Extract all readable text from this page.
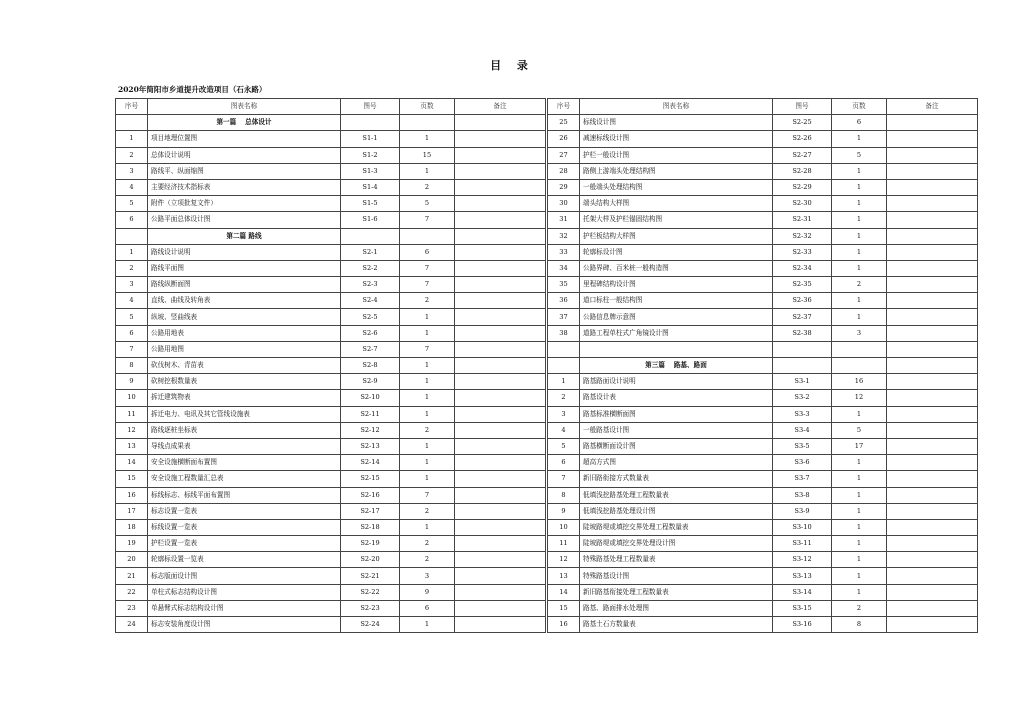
目 录
2020年简阳市乡道提升改造项目（石永路）
序号	图表名称	图号	页数	备注
	第一篇　 总体设计			
1	项目地理位置图	S1-1	1	
2	总体设计说明	S1-2	15	
3	路线平、纵面缩图	S1-3	1	
4	主要经济技术指标表	S1-4	2	
5	附件（立项批复文件）	S1-5	5	
6	公路平面总体设计图	S1-6	7	
	第二篇 路线			
1	路线设计说明	S2-1	6	
2	路线平面图	S2-2	7	
3	路线纵断面图	S2-3	7	
4	直线、曲线及转角表	S2-4	2	
5	纵坡、竖曲线表	S2-5	1	
6	公路用地表	S2-6	1	
7	公路用地图	S2-7	7	
8	砍伐树木、青苗表	S2-8	1	
9	砍树挖根数量表	S2-9	1	
10	拆迁建筑物表	S2-10	1	
11	拆迁电力、电讯及其它管线设施表	S2-11	1	
12	路线逐桩坐标表	S2-12	2	
13	导线点成果表	S2-13	1	
14	安全设施横断面布置图	S2-14	1	
15	安全设施工程数量汇总表	S2-15	1	
16	标线标志、标线平面布置图	S2-16	7	
17	标志设置一览表	S2-17	2	
18	标线设置一览表	S2-18	1	
19	护栏设置一览表	S2-19	2	
20	轮廓标设置一览表	S2-20	2	
21	标志版面设计图	S2-21	3	
22	单柱式标志结构设计图	S2-22	9	
23	单悬臂式标志结构设计图	S2-23	6	
24	标志安装角度设计图	S2-24	1	
序号	图表名称	图号	页数	备注
25	标线设计图	S2-25	6	
26	减速标线设计图	S2-26	1	
27	护栏一般设计图	S2-27	5	
28	路侧上游端头处理结构图	S2-28	1	
29	一般端头处理结构图	S2-29	1	
30	端头结构大样图	S2-30	1	
31	托架大样及护栏锚固结构图	S2-31	1	
32	护栏板结构大样图	S2-32	1	
33	轮廓标设计图	S2-33	1	
34	公路界碑、百米桩一般构造图	S2-34	1	
35	里程碑结构设计图	S2-35	2	
36	道口标柱一般结构图	S2-36	1	
37	公路信息牌示意图	S2-37	1	
38	道路工程单柱式广角镜设计图	S2-38	3	

	第三篇　 路基、路面			
1	路基路面设计说明	S3-1	16	
2	路基设计表	S3-2	12	
3	路基标准横断面图	S3-3	1	
4	一般路基设计图	S3-4	5	
5	路基横断面设计图	S3-5	17	
6	超高方式图	S3-6	1	
7	新旧路衔接方式数量表	S3-7	1	
8	低填浅挖路基处理工程数量表	S3-8	1	
9	低填浅挖路基处理设计图	S3-9	1	
10	陡坡路堤或填挖交界处理工程数量表	S3-10	1	
11	陡坡路堤或填挖交界处理设计图	S3-11	1	
12	特殊路基处理工程数量表	S3-12	1	
13	特殊路基设计图	S3-13	1	
14	新旧路基衔接处理工程数量表	S3-14	1	
15	路基、路面排水处理图	S3-15	2	
16	路基土石方数量表	S3-16	8	
